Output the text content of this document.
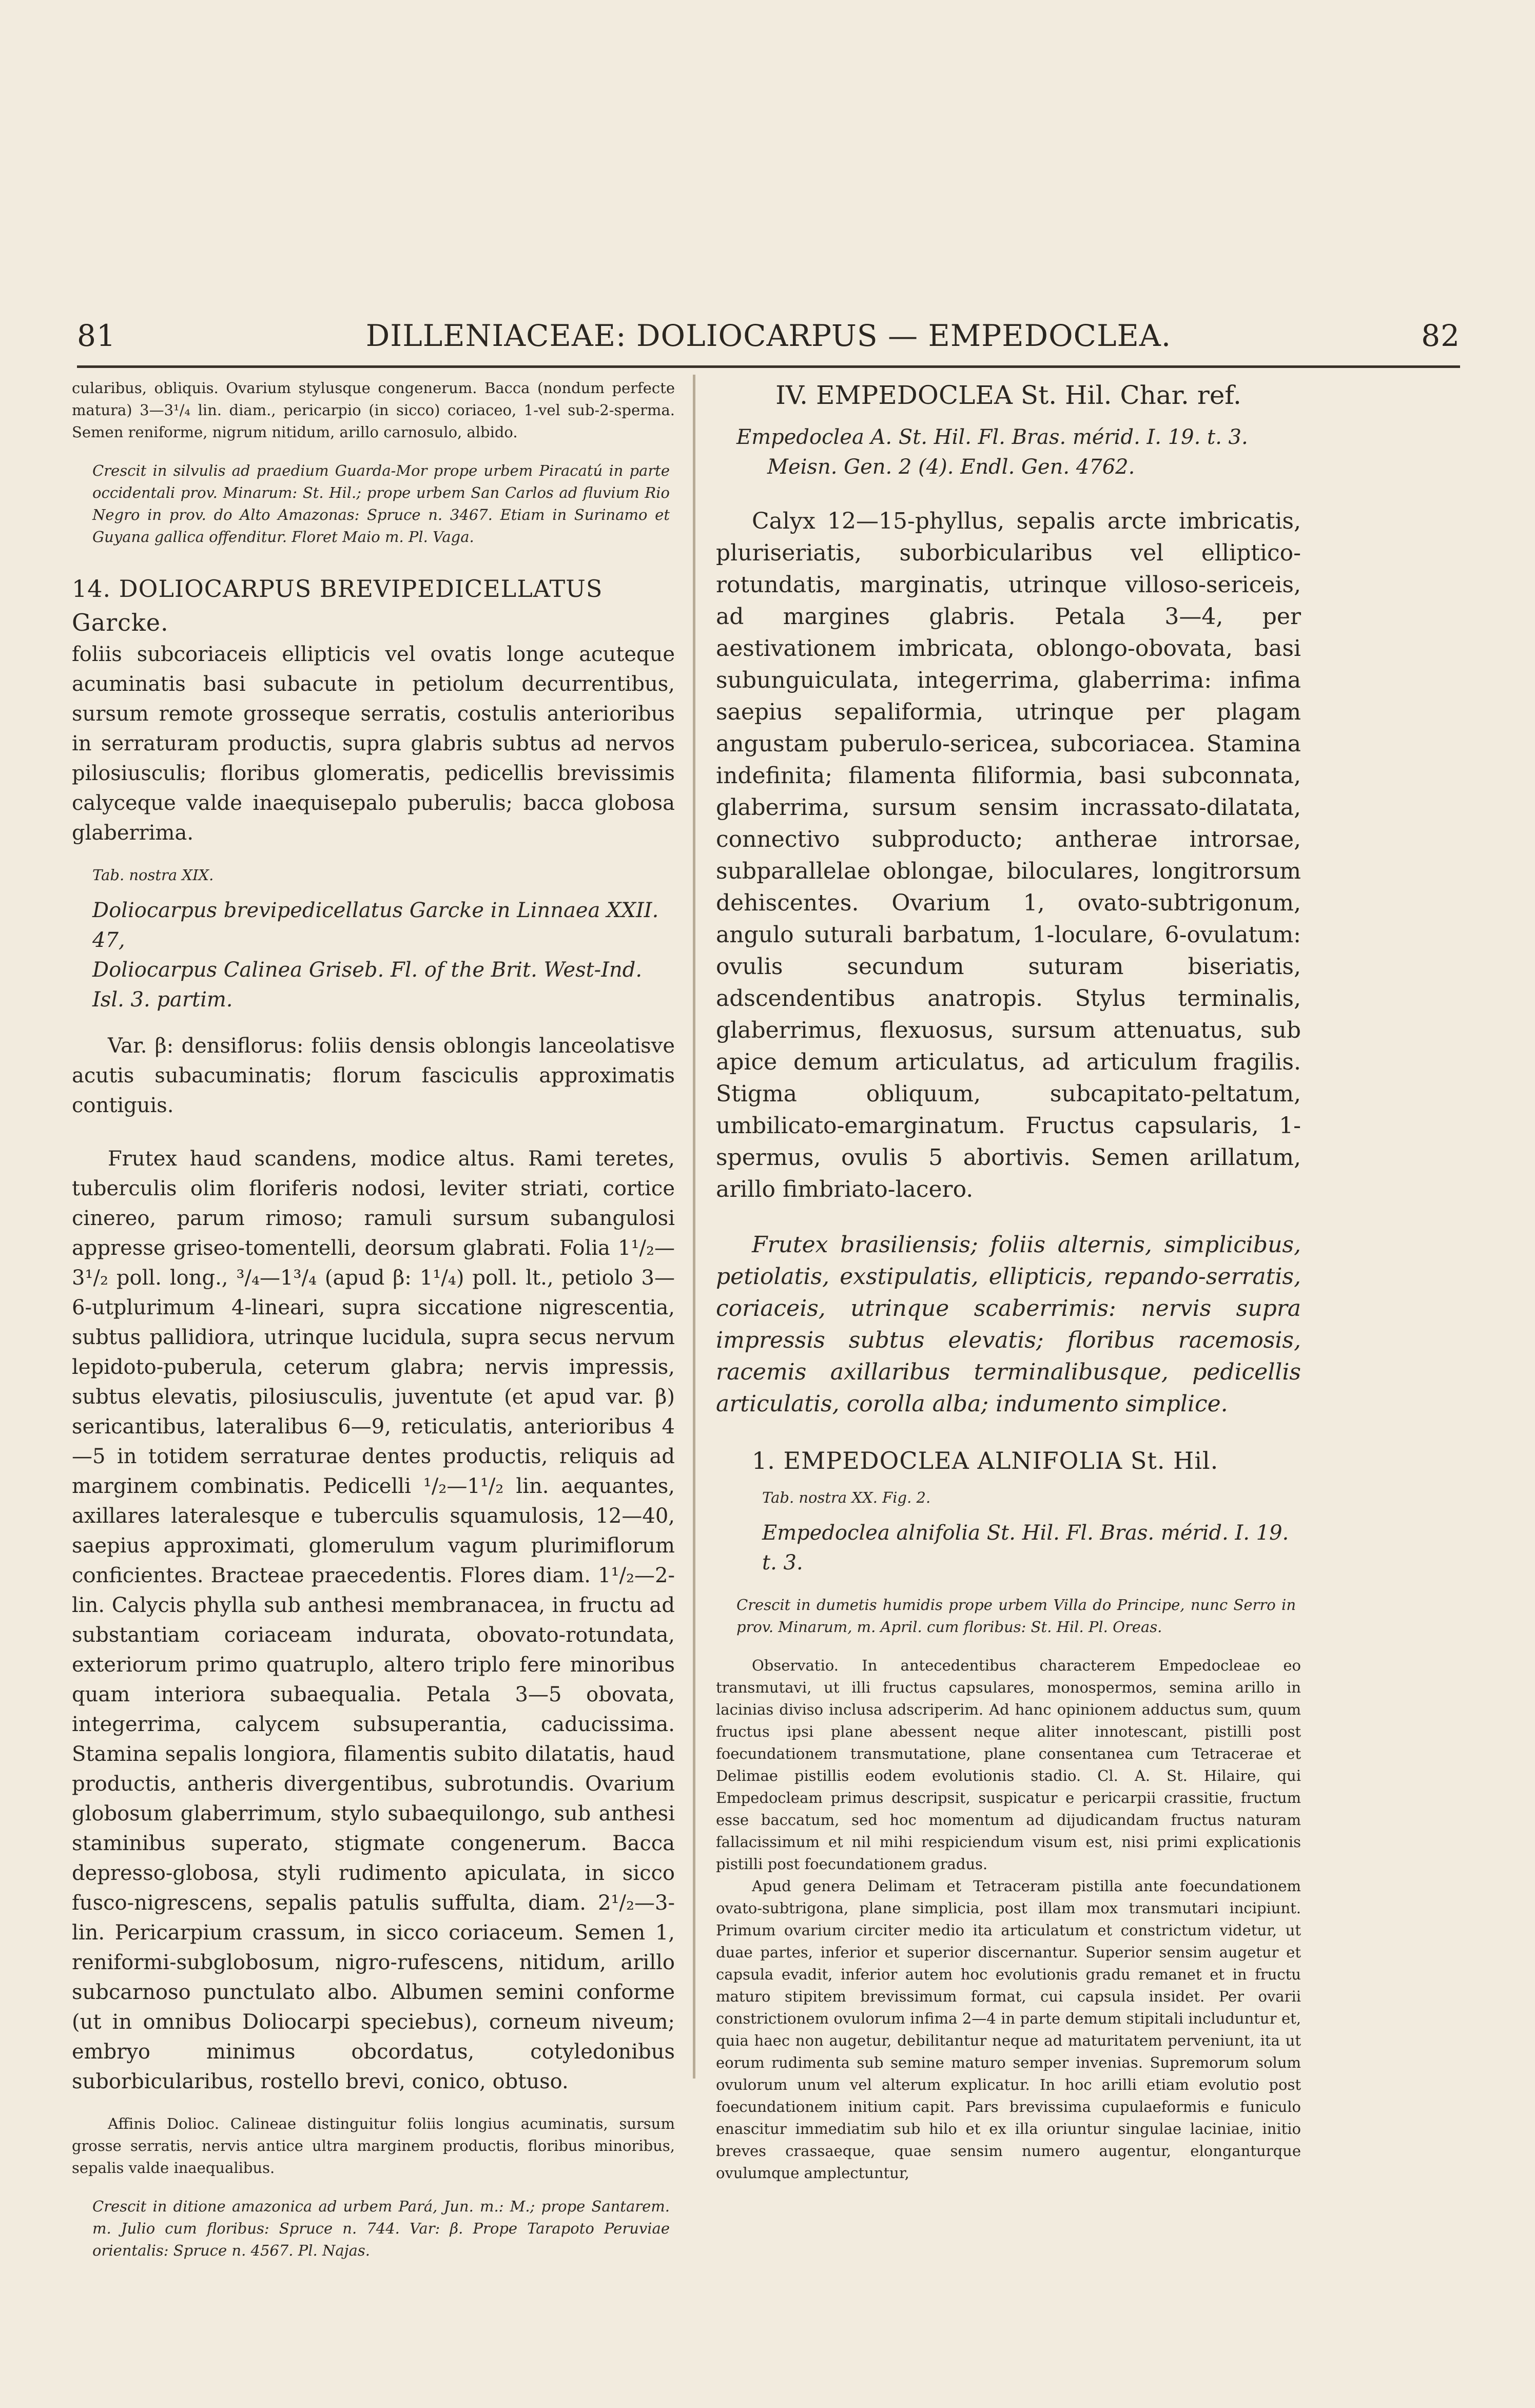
81	DILLENIACEAE: DOLIOCARPUS — EMPEDOCLEA.	82
cularibus, obliquis. Ovarium stylusque congenerum. Bacca (nondum perfecte matura) 3—3¹/₄ lin. diam., pericarpio (in sicco) coriaceo, 1-vel sub-2-sperma. Semen reniforme, nigrum nitidum, arillo carnosulo, albido.
Crescit in silvulis ad praedium Guarda-Mor prope urbem Piracatú in parte occidentali prov. Minarum: St. Hil.; prope urbem San Carlos ad fluvium Rio Negro in prov. do Alto Amazonas: Spruce n. 3467. Etiam in Surinamo et Guyana gallica offenditur. Floret Maio m. Pl. Vaga.
14. DOLIOCARPUS BREVIPEDICELLATUS Garcke.
foliis subcoriaceis ellipticis vel ovatis longe acuteque acuminatis basi subacute in petiolum decurrentibus, sursum remote grosseque serratis, costulis anterioribus in serraturam productis, supra glabris subtus ad nervos pilosiusculis; floribus glomeratis, pedicellis brevissimis calyceque valde inaequisepalo puberulis; bacca globosa glaberrima.
Tab. nostra XIX.
Doliocarpus brevipedicellatus Garcke in Linnaea XXII. 47,
Doliocarpus Calinea Griseb. Fl. of the Brit. West-Ind. Isl. 3. partim.
Var. β: densiflorus: foliis densis oblongis lanceolatisve acutis subacuminatis; florum fasciculis approximatis contiguis.
Frutex haud scandens, modice altus. Rami teretes, tuberculis olim floriferis nodosi, leviter striati, cortice cinereo, parum rimoso; ramuli sursum subangulosi appresse griseo-tomentelli, deorsum glabrati. Folia 1¹/₂—3¹/₂ poll. long., ³/₄—1³/₄ (apud β: 1¹/₄) poll. lt., petiolo 3—6-utplurimum 4-lineari, supra siccatione nigrescentia, subtus pallidiora, utrinque lucidula, supra secus nervum lepidoto-puberula, ceterum glabra; nervis impressis, subtus elevatis, pilosiusculis, juventute (et apud var. β) sericantibus, lateralibus 6—9, reticulatis, anterioribus 4—5 in totidem serraturae dentes productis, reliquis ad marginem combinatis. Pedicelli ¹/₂—1¹/₂ lin. aequantes, axillares lateralesque e tuberculis squamulosis, 12—40, saepius approximati, glomerulum vagum plurimiflorum conficientes. Bracteae praecedentis. Flores diam. 1¹/₂—2-lin. Calycis phylla sub anthesi membranacea, in fructu ad substantiam coriaceam indurata, obovato-rotundata, exteriorum primo quatruplo, altero triplo fere minoribus quam interiora subaequalia. Petala 3—5 obovata, integerrima, calycem subsuperantia, caducissima. Stamina sepalis longiora, filamentis subito dilatatis, haud productis, antheris divergentibus, subrotundis. Ovarium globosum glaberrimum, stylo subaequilongo, sub anthesi staminibus superato, stigmate congenerum. Bacca depresso-globosa, styli rudimento apiculata, in sicco fusco-nigrescens, sepalis patulis suffulta, diam. 2¹/₂—3-lin. Pericarpium crassum, in sicco coriaceum. Semen 1, reniformi-subglobosum, nigro-rufescens, nitidum, arillo subcarnoso punctulato albo. Albumen semini conforme (ut in omnibus Doliocarpi speciebus), corneum niveum; embryo minimus obcordatus, cotyledonibus suborbicularibus, rostello brevi, conico, obtuso.
Affinis Dolioc. Calineae distinguitur foliis longius acuminatis, sursum grosse serratis, nervis antice ultra marginem productis, floribus minoribus, sepalis valde inaequalibus.
Crescit in ditione amazonica ad urbem Pará, Jun. m.: M.; prope Santarem. m. Julio cum floribus: Spruce n. 744. Var: β. Prope Tarapoto Peruviae orientalis: Spruce n. 4567. Pl. Najas.
IV. EMPEDOCLEA St. Hil. Char. ref.
Empedoclea A. St. Hil. Fl. Bras. mérid. I. 19. t. 3. Meisn. Gen. 2 (4). Endl. Gen. 4762.
Calyx 12—15-phyllus, sepalis arcte imbricatis, pluriseriatis, suborbicularibus vel elliptico-rotundatis, marginatis, utrinque villoso-sericeis, ad margines glabris. Petala 3—4, per aestivationem imbricata, oblongo-obovata, basi subunguiculata, integerrima, glaberrima: infima saepius sepaliformia, utrinque per plagam angustam puberulo-sericea, subcoriacea. Stamina indefinita; filamenta filiformia, basi subconnata, glaberrima, sursum sensim incrassato-dilatata, connectivo subproducto; antherae introrsae, subparallelae oblongae, biloculares, longitrorsum dehiscentes. Ovarium 1, ovato-subtrigonum, angulo suturali barbatum, 1-loculare, 6-ovulatum: ovulis secundum suturam biseriatis, adscendentibus anatropis. Stylus terminalis, glaberrimus, flexuosus, sursum attenuatus, sub apice demum articulatus, ad articulum fragilis. Stigma obliquum, subcapitato-peltatum, umbilicato-emarginatum. Fructus capsularis, 1-spermus, ovulis 5 abortivis. Semen arillatum, arillo fimbriato-lacero.
Frutex brasiliensis; foliis alternis, simplicibus, petiolatis, exstipulatis, ellipticis, repando-serratis, coriaceis, utrinque scaberrimis: nervis supra impressis subtus elevatis; floribus racemosis, racemis axillaribus terminalibusque, pedicellis articulatis, corolla alba; indumento simplice.
1. EMPEDOCLEA ALNIFOLIA St. Hil.
Tab. nostra XX. Fig. 2.
Empedoclea alnifolia St. Hil. Fl. Bras. mérid. I. 19. t. 3.
Crescit in dumetis humidis prope urbem Villa do Principe, nunc Serro in prov. Minarum, m. April. cum floribus: St. Hil. Pl. Oreas.
Observatio. In antecedentibus characterem Empedocleae eo transmutavi, ut illi fructus capsulares, monospermos, semina arillo in lacinias diviso inclusa adscriperim. Ad hanc opinionem adductus sum, quum fructus ipsi plane abessent neque aliter innotescant, pistilli post foecundationem transmutatione, plane consentanea cum Tetracerae et Delimae pistillis eodem evolutionis stadio. Cl. A. St. Hilaire, qui Empedocleam primus descripsit, suspicatur e pericarpii crassitie, fructum esse baccatum, sed hoc momentum ad dijudicandam fructus naturam fallacissimum et nil mihi respiciendum visum est, nisi primi explicationis pistilli post foecundationem gradus.
Apud genera Delimam et Tetraceram pistilla ante foecundationem ovato-subtrigona, plane simplicia, post illam mox transmutari incipiunt. Primum ovarium circiter medio ita articulatum et constrictum videtur, ut duae partes, inferior et superior discernantur. Superior sensim augetur et capsula evadit, inferior autem hoc evolutionis gradu remanet et in fructu maturo stipitem brevissimum format, cui capsula insidet. Per ovarii constrictionem ovulorum infima 2—4 in parte demum stipitali includuntur et, quia haec non augetur, debilitantur neque ad maturitatem perveniunt, ita ut eorum rudimenta sub semine maturo semper invenias. Supremorum solum ovulorum unum vel alterum explicatur. In hoc arilli etiam evolutio post foecundationem initium capit. Pars brevissima cupulaeformis e funiculo enascitur immediatim sub hilo et ex illa oriuntur singulae laciniae, initio breves crassaeque, quae sensim numero augentur, elonganturque ovulumque amplectuntur,
